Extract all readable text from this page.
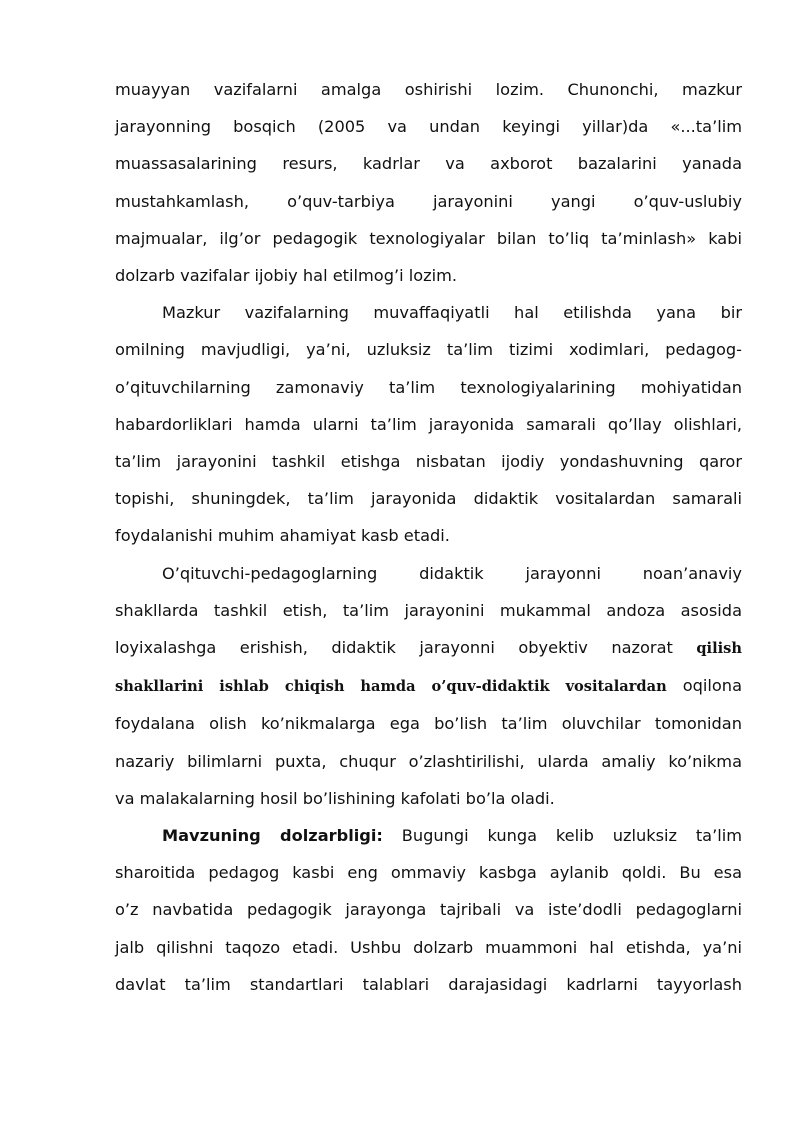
muayyan vazifalarni amalga oshirishi lozim. Chunonchi, mazkur
jarayonning bosqich (2005 va undan keyingi yillar)da «...ta’lim
muassasalarining resurs, kadrlar va axborot bazalarini yanada
mustahkamlash, o’quv-tarbiya jarayonini yangi o’quv-uslubiy
majmualar, ilg’or pedagogik texnologiyalar bilan to’liq ta’minlash» kabi
dolzarb vazifalar ijobiy hal etilmog’i lozim.
Mazkur vazifalarning muvaffaqiyatli hal etilishda yana bir
omilning mavjudligi, ya’ni, uzluksiz ta’lim tizimi xodimlari, pedagog-
o’qituvchilarning zamonaviy ta’lim texnologiyalarining mohiyatidan
habardorliklari hamda ularni ta’lim jarayonida samarali qo’llay olishlari,
ta’lim jarayonini tashkil etishga nisbatan ijodiy yondashuvning qaror
topishi, shuningdek, ta’lim jarayonida didaktik vositalardan samarali
foydalanishi muhim ahamiyat kasb etadi.
O’qituvchi-pedagoglarning didaktik jarayonni noan’anaviy
shakllarda tashkil etish, ta’lim jarayonini mukammal andoza asosida
loyixalashga erishish, didaktik jarayonni obyektiv nazorat qilish
shakllarini ishlab chiqish hamda o’quv-didaktik vositalardan oqilona
foydalana olish ko’nikmalarga ega bo’lish ta’lim oluvchilar tomonidan
nazariy bilimlarni puxta, chuqur o’zlashtirilishi, ularda amaliy ko’nikma
va malakalarning hosil bo’lishining kafolati bo’la oladi.
Mavzuning dolzarbligi: Bugungi kunga kelib uzluksiz ta’lim
sharoitida pedagog kasbi eng ommaviy kasbga aylanib qoldi. Bu esa
o’z navbatida pedagogik jarayonga tajribali va iste’dodli pedagoglarni
jalb qilishni taqozo etadi. Ushbu dolzarb muammoni hal etishda, ya’ni
davlat ta’lim standartlari talablari darajasidagi kadrlarni tayyorlash
